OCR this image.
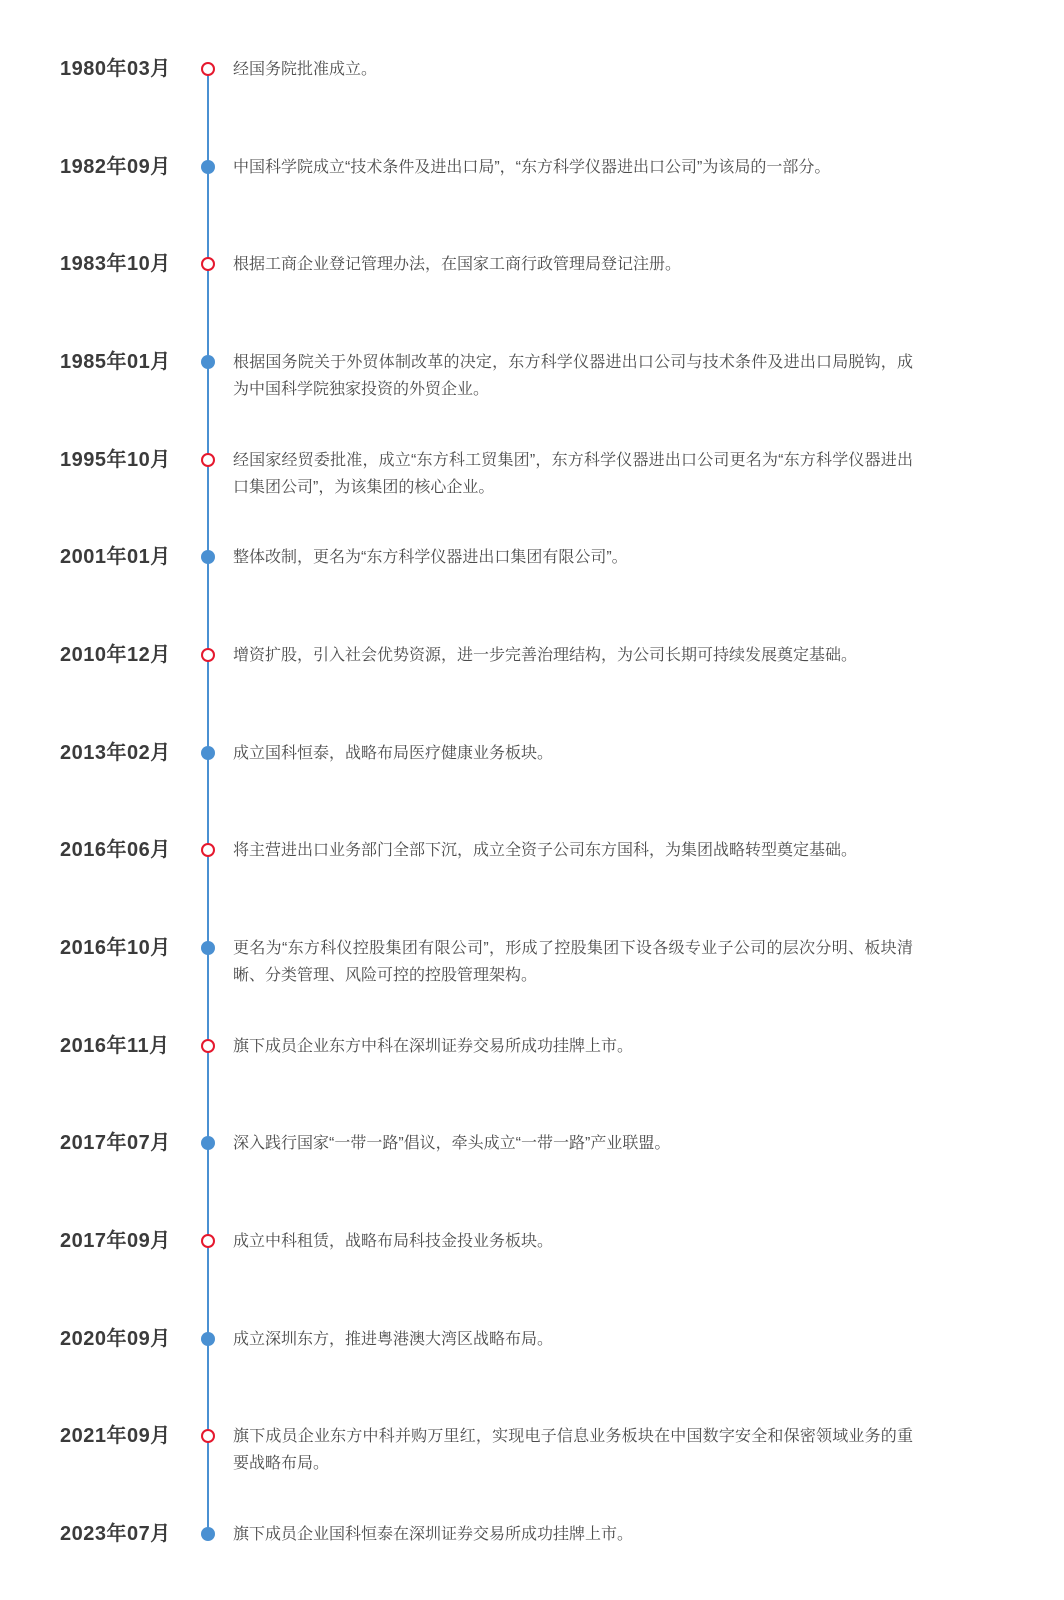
1980年03月	经国务院批准成立。
1982年09月	中国科学院成立“技术条件及进出口局”，“东方科学仪器进出口公司”为该局的一部分。
1983年10月	根据工商企业登记管理办法，在国家工商行政管理局登记注册。
1985年01月	根据国务院关于外贸体制改革的决定，东方科学仪器进出口公司与技术条件及进出口局脱钩，成为中国科学院独家投资的外贸企业。
1995年10月	经国家经贸委批准，成立“东方科工贸集团”，东方科学仪器进出口公司更名为“东方科学仪器进出口集团公司”，为该集团的核心企业。
2001年01月	整体改制，更名为“东方科学仪器进出口集团有限公司”。
2010年12月	增资扩股，引入社会优势资源，进一步完善治理结构，为公司长期可持续发展奠定基础。
2013年02月	成立国科恒泰，战略布局医疗健康业务板块。
2016年06月	将主营进出口业务部门全部下沉，成立全资子公司东方国科，为集团战略转型奠定基础。
2016年10月	更名为“东方科仪控股集团有限公司”，形成了控股集团下设各级专业子公司的层次分明、板块清晰、分类管理、风险可控的控股管理架构。
2016年11月	旗下成员企业东方中科在深圳证券交易所成功挂牌上市。
2017年07月	深入践行国家“一带一路”倡议，牵头成立“一带一路”产业联盟。
2017年09月	成立中科租赁，战略布局科技金投业务板块。
2020年09月	成立深圳东方，推进粤港澳大湾区战略布局。
2021年09月	旗下成员企业东方中科并购万里红，实现电子信息业务板块在中国数字安全和保密领域业务的重要战略布局。
2023年07月	旗下成员企业国科恒泰在深圳证券交易所成功挂牌上市。
